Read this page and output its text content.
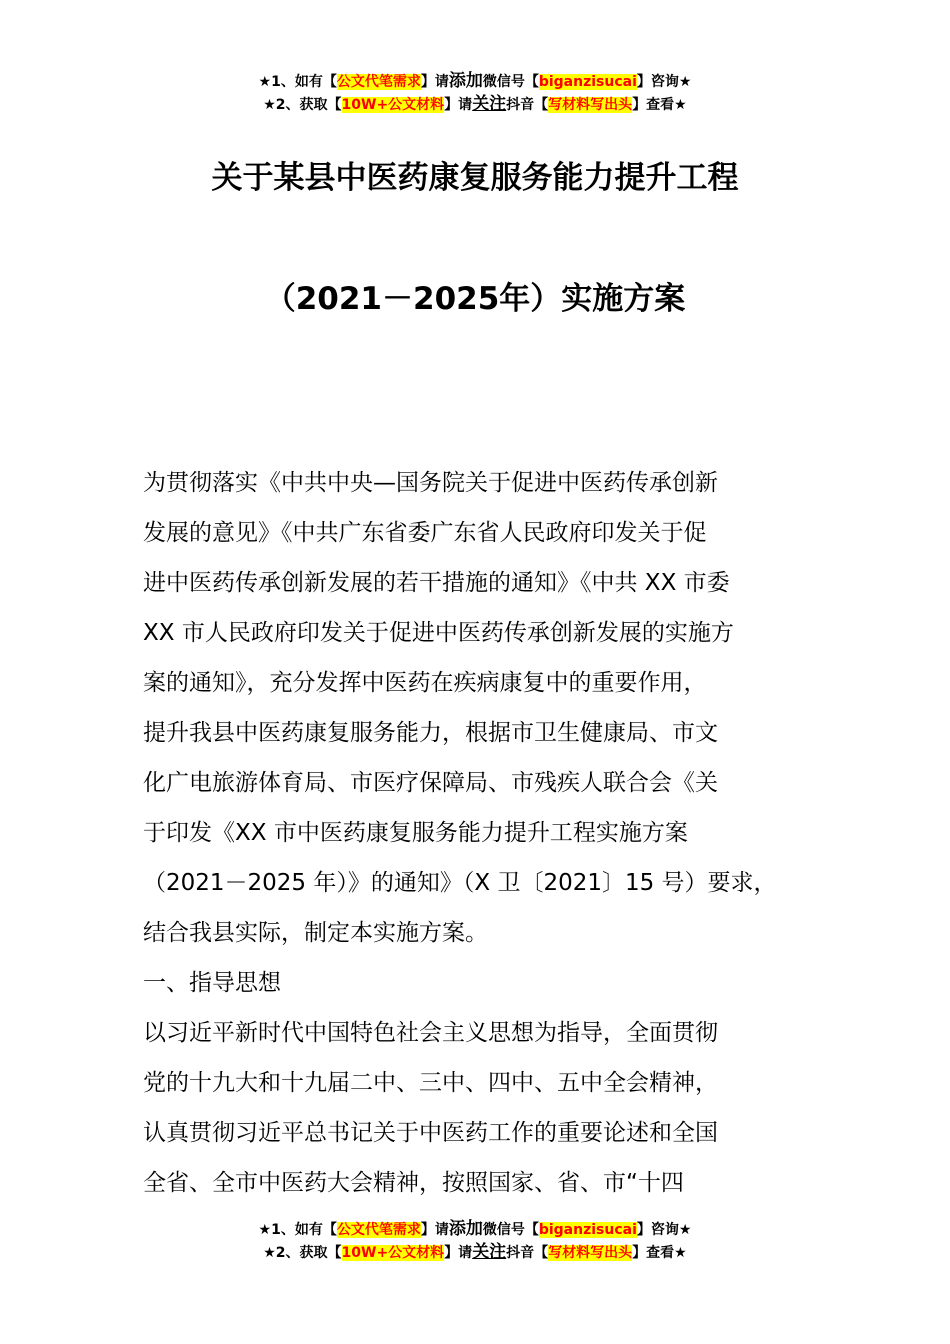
★1、如有【公文代笔需求】请添加微信号【biganzisucai】咨询★
★2、获取【10W+公文材料】请关注抖音【写材料写出头】查看★
关于某县中医药康复服务能力提升工程
（2021－2025年）实施方案

为贯彻落实《中共中央—国务院关于促进中医药传承创新

发展的意见》《中共广东省委广东省人民政府印发关于促

进中医药传承创新发展的若干措施的通知》《中共 XX 市委

XX 市人民政府印发关于促进中医药传承创新发展的实施方

案的通知》，充分发挥中医药在疾病康复中的重要作用，

提升我县中医药康复服务能力，根据市卫生健康局、市文

化广电旅游体育局、市医疗保障局、市残疾人联合会《关

于印发《XX 市中医药康复服务能力提升工程实施方案

（2021－2025 年）》的通知》（X 卫〔2021〕15 号）要求，

结合我县实际，制定本实施方案。

一、指导思想

以习近平新时代中国特色社会主义思想为指导，全面贯彻

党的十九大和十九届二中、三中、四中、五中全会精神，

认真贯彻习近平总书记关于中医药工作的重要论述和全国

全省、全市中医药大会精神，按照国家、省、市“十四

★1、如有【公文代笔需求】请添加微信号【biganzisucai】咨询★
★2、获取【10W+公文材料】请关注抖音【写材料写出头】查看★
